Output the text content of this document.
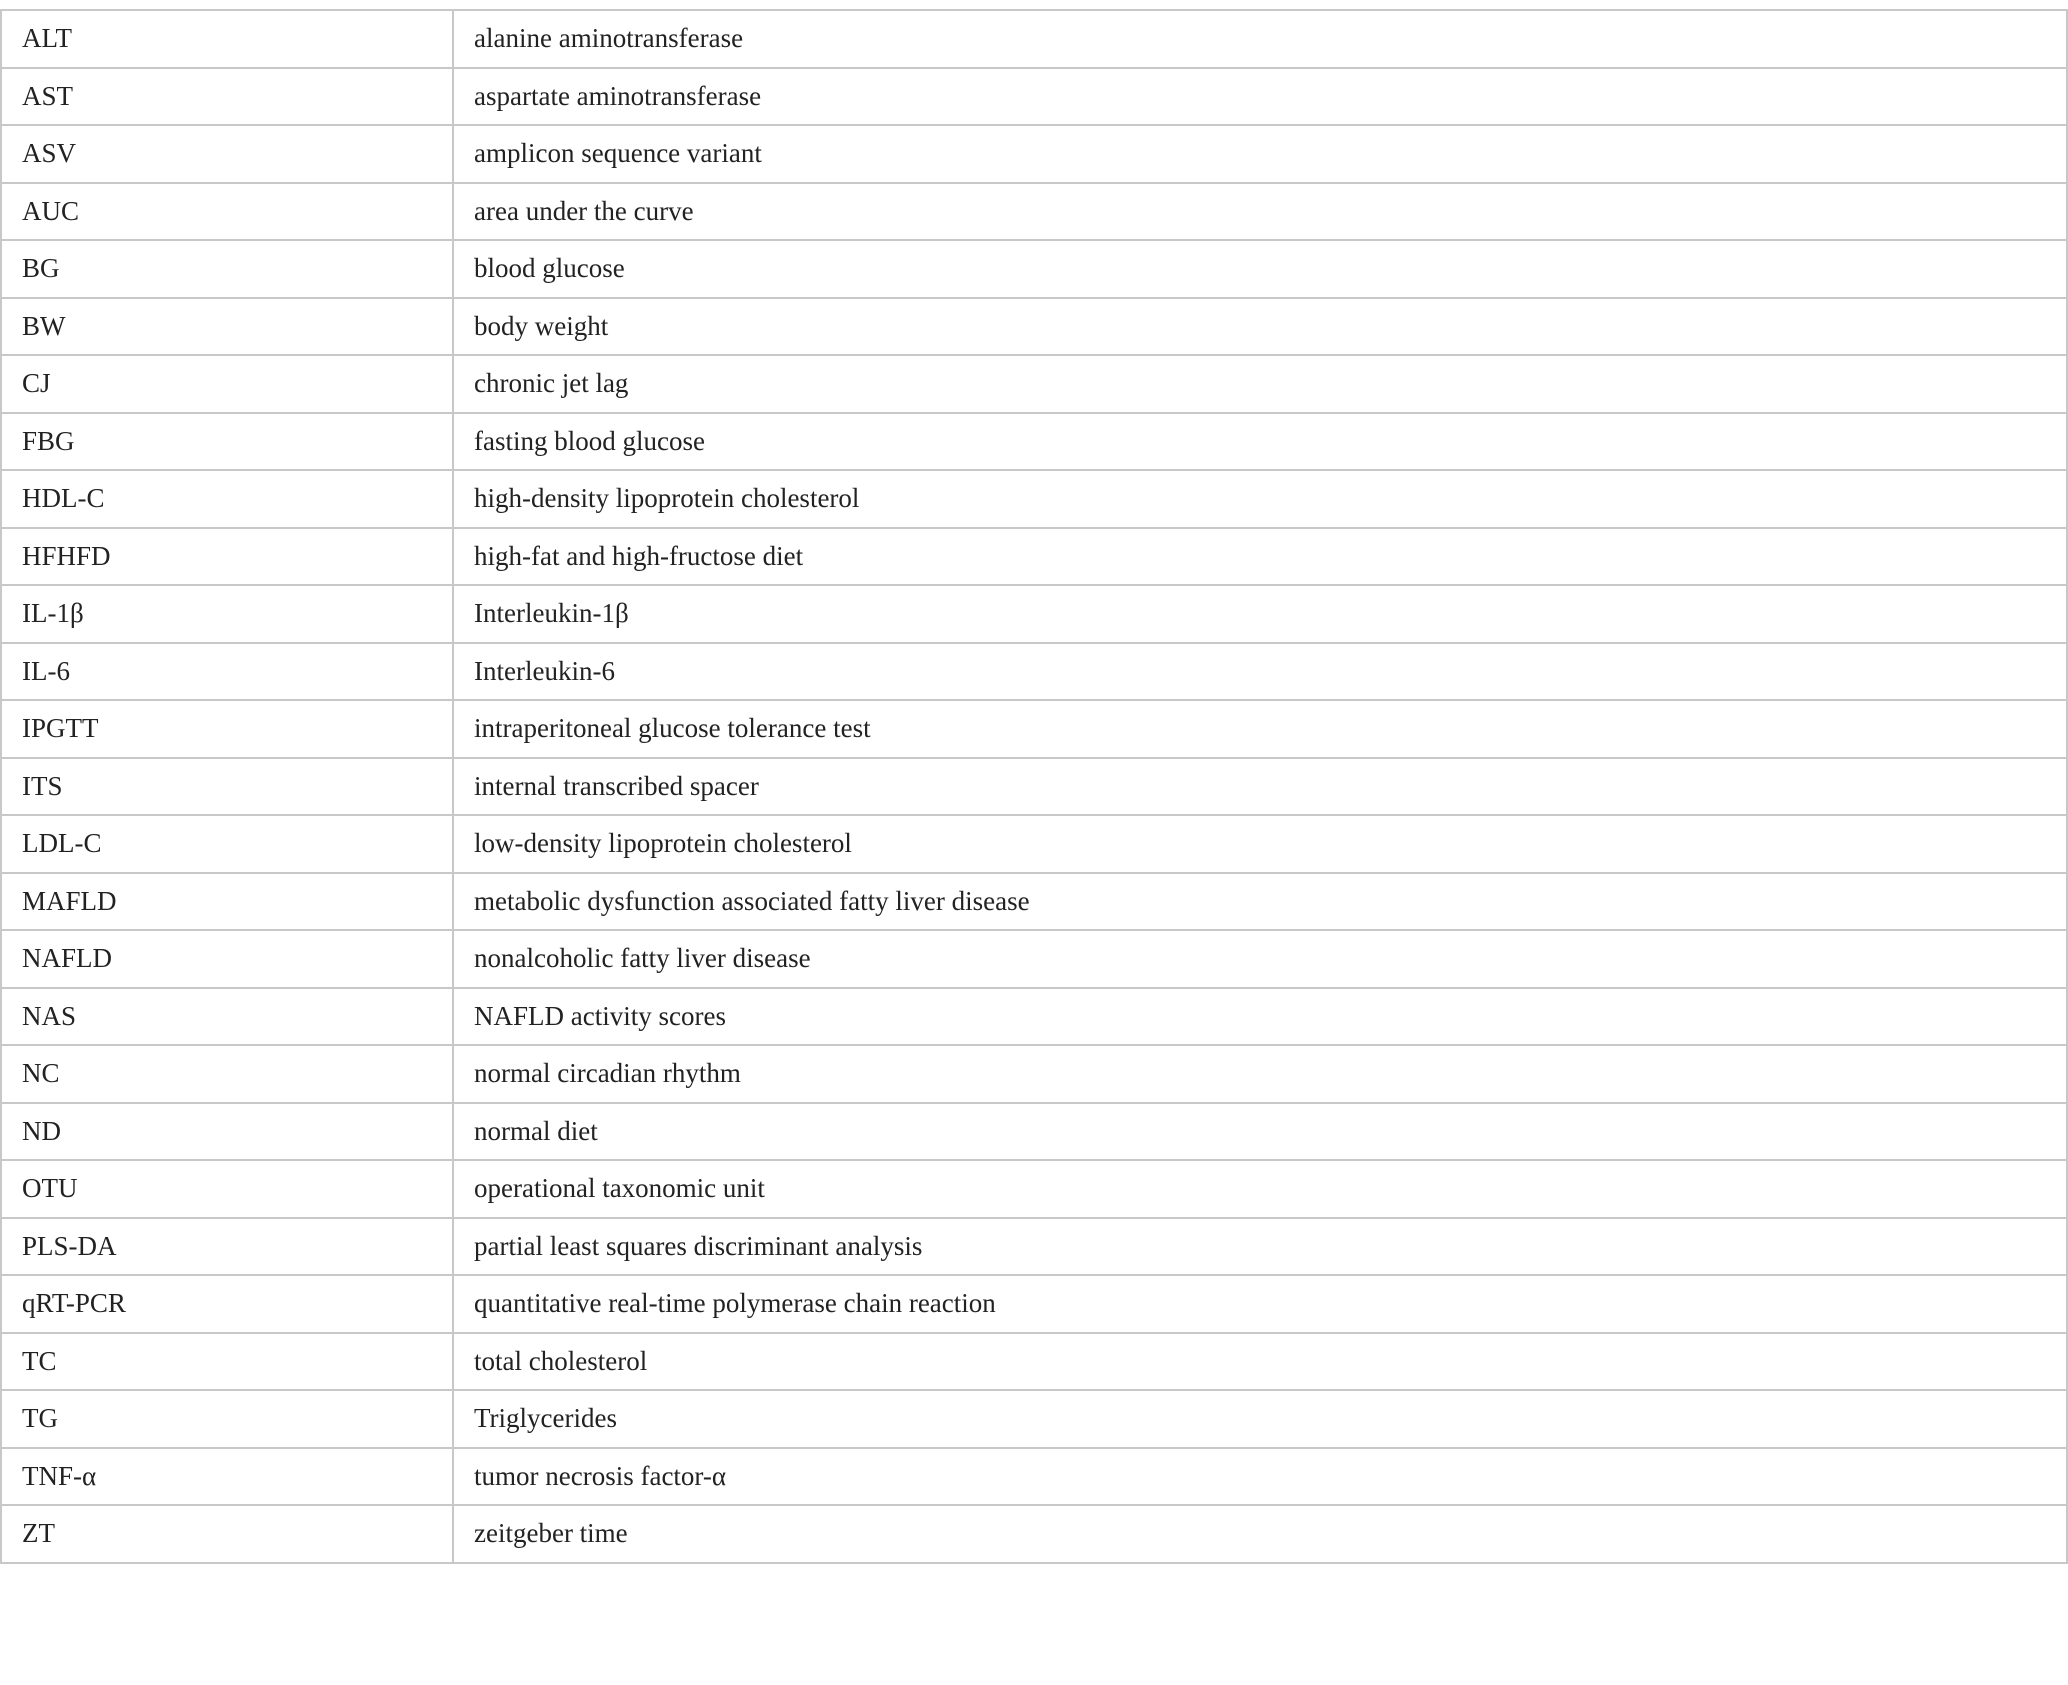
ALT	alanine aminotransferase
AST	aspartate aminotransferase
ASV	amplicon sequence variant
AUC	area under the curve
BG	blood glucose
BW	body weight
CJ	chronic jet lag
FBG	fasting blood glucose
HDL-C	high-density lipoprotein cholesterol
HFHFD	high-fat and high-fructose diet
IL-1β	Interleukin-1β
IL-6	Interleukin-6
IPGTT	intraperitoneal glucose tolerance test
ITS	internal transcribed spacer
LDL-C	low-density lipoprotein cholesterol
MAFLD	metabolic dysfunction associated fatty liver disease
NAFLD	nonalcoholic fatty liver disease
NAS	NAFLD activity scores
NC	normal circadian rhythm
ND	normal diet
OTU	operational taxonomic unit
PLS-DA	partial least squares discriminant analysis
qRT-PCR	quantitative real-time polymerase chain reaction
TC	total cholesterol
TG	Triglycerides
TNF-α	tumor necrosis factor-α
ZT	zeitgeber time
